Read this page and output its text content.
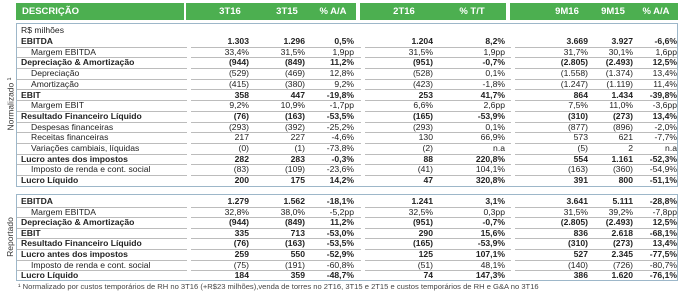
DESCRIÇÃO	3T16	3T15	% A/A	2T16	% T/T	9M16	9M15	% A/A
Normalizado ¹
R$ milhões
EBITDA	1.303	1.296	0,5%	1.204	8,2%	3.669	3.927	-6,6%
Margem EBITDA	33,4%	31,5%	1,9pp	31,5%	1,9pp	31,7% 30,1%	1,6pp
Depreciação & Amortização	(944)	(849)	11,2%	(951)	-0,7%	(2.805) (2.493) 12,5%
Depreciação	(529)	(469)	12,8%	(528)	0,1%	(1.558) (1.374) 13,4%
Amortização	(415)	(380)	9,2%	(423)	-1,8%	(1.247) (1.119) 11,4%
EBIT	358	447	-19,8%	253	41,7%	864	1.434 -39,8%
Margem EBIT	9,2%	10,9%	-1,7pp	6,6%	2,6pp	7,5% 11,0% -3,6pp
Resultado Financeiro Líquido	(76)	(163)	-53,5%	(165)	-53,9%	(310)	(273) 13,4%
Despesas financeiras	(293)	(392)	-25,2%	(293)	0,1%	(877)	(896)	-2,0%
Receitas financeiras	217	227	-4,6%	130	66,9%	573	621	-7,7%
Variações cambiais, líquidas	(0)	(1)	-73,8%	(2)	n.a	(5)	2	n.a
Lucro antes dos impostos	282	283	-0,3%	88	220,8%	554	1.161 -52,3%
Imposto de renda e cont. social	(83)	(109)	-23,6%	(41)	104,1%	(163)	(360) -54,9%
Lucro Líquido	200	175	14,2%	47	320,8%	391	800 -51,1%
Reportado
EBITDA	1.279	1.562	-18,1%	1.241	3,1%	3.641	5.111 -28,8%
Margem EBITDA	32,8%	38,0%	-5,2pp	32,5%	0,3pp	31,5% 39,2% -7,8pp
Depreciação & Amortização	(944)	(849)	11,2%	(951)	-0,7%	(2.805) (2.493) 12,5%
EBIT	335	713	-53,0%	290	15,6%	836	2.618 -68,1%
Resultado Financeiro Líquido	(76)	(163)	-53,5%	(165)	-53,9%	(310)	(273) 13,4%
Lucro antes dos impostos	259	550	-52,9%	125	107,1%	527	2.345 -77,5%
Imposto de renda e cont. social	(75)	(191)	-60,8%	(51)	48,1%	(140)	(726) -80,7%
Lucro Líquido	184	359	-48,7%	74	147,3%	386	1.620 -76,1%
¹ Normalizado por custos temporários de RH no 3T16 (+R$23 milhões),venda de torres no 2T16, 3T15 e 2T15 e custos temporários de RH e G&A no 3T16
